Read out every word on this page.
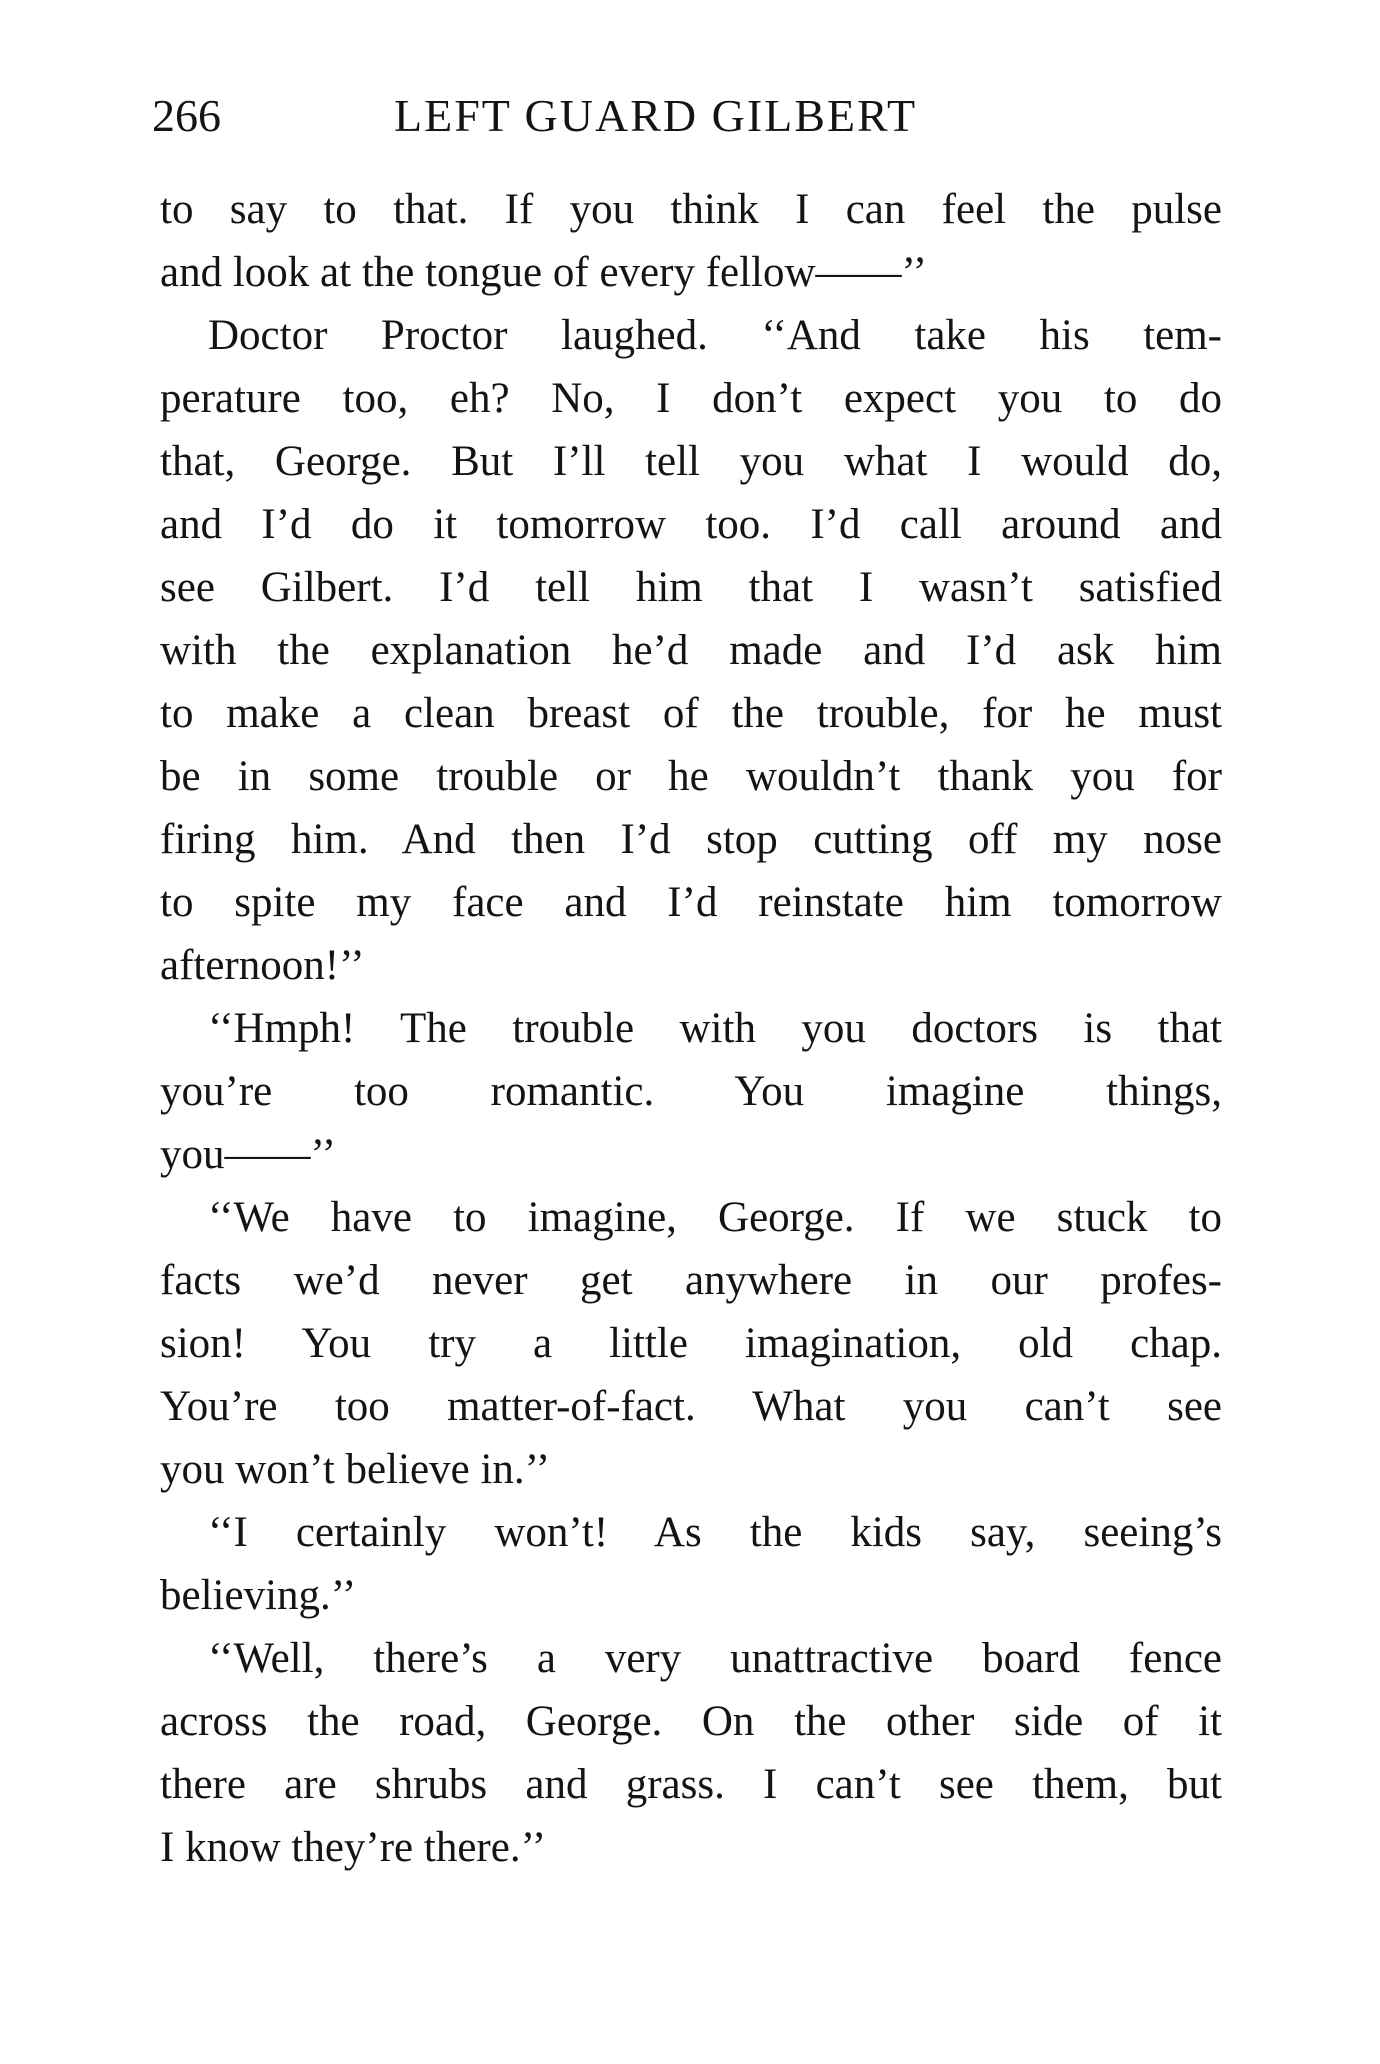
266	LEFT GUARD GILBERT
to say to that. If you think I can feel the pulse
and look at the tongue of every fellow——’’
Doctor Proctor laughed. ‘‘And take his tem-
perature too, eh? No, I don’t expect you to do
that, George. But I’ll tell you what I would do,
and I’d do it tomorrow too. I’d call around and
see Gilbert. I’d tell him that I wasn’t satisfied
with the explanation he’d made and I’d ask him
to make a clean breast of the trouble, for he must
be in some trouble or he wouldn’t thank you for
firing him. And then I’d stop cutting off my nose
to spite my face and I’d reinstate him tomorrow
afternoon!’’
‘‘Hmph! The trouble with you doctors is that
you’re too romantic. You imagine things,
you——’’
‘‘We have to imagine, George. If we stuck to
facts we’d never get anywhere in our profes-
sion! You try a little imagination, old chap.
You’re too matter-of-fact. What you can’t see
you won’t believe in.’’
‘‘I certainly won’t! As the kids say, seeing’s
believing.’’
‘‘Well, there’s a very unattractive board fence
across the road, George. On the other side of it
there are shrubs and grass. I can’t see them, but
I know they’re there.’’
